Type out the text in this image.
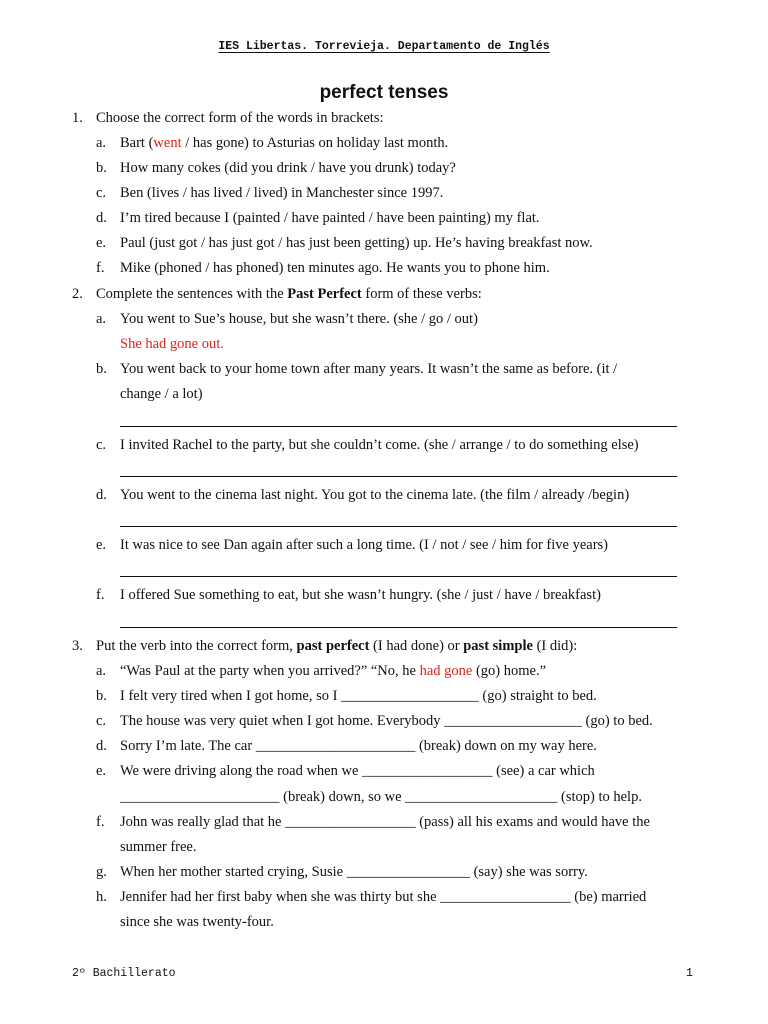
IES Libertas. Torrevieja. Departamento de Inglés
perfect tenses
1. Choose the correct form of the words in brackets:
a. Bart (went / has gone) to Asturias on holiday last month.
b. How many cokes (did you drink / have you drunk) today?
c. Ben (lives / has lived / lived) in Manchester since 1997.
d. I’m tired because I (painted / have painted / have been painting) my flat.
e. Paul (just got / has just got / has just been getting) up. He’s having breakfast now.
f. Mike (phoned / has phoned) ten minutes ago. He wants you to phone him.
2. Complete the sentences with the Past Perfect form of these verbs:
a. You went to Sue’s house, but she wasn’t there. (she / go / out)
She had gone out.
b. You went back to your home town after many years. It wasn’t the same as before. (it /
change / a lot)
c. I invited Rachel to the party, but she couldn’t come. (she / arrange / to do something else)
d. You went to the cinema last night. You got to the cinema late. (the film / already /begin)
e. It was nice to see Dan again after such a long time. (I / not / see / him for five years)
f. I offered Sue something to eat, but she wasn’t hungry. (she / just / have / breakfast)
3. Put the verb into the correct form, past perfect (I had done) or past simple (I did):
a. “Was Paul at the party when you arrived?” “No, he had gone (go) home.”
b. I felt very tired when I got home, so I ___________________ (go) straight to bed.
c. The house was very quiet when I got home. Everybody ___________________ (go) to bed.
d. Sorry I’m late. The car ______________________ (break) down on my way here.
e. We were driving along the road when we __________________ (see) a car which
______________________ (break) down, so we _____________________ (stop) to help.
f. John was really glad that he __________________ (pass) all his exams and would have the
summer free.
g. When her mother started crying, Susie _________________ (say) she was sorry.
h. Jennifer had her first baby when she was thirty but she __________________ (be) married
since she was twenty-four.
2º Bachillerato	1
